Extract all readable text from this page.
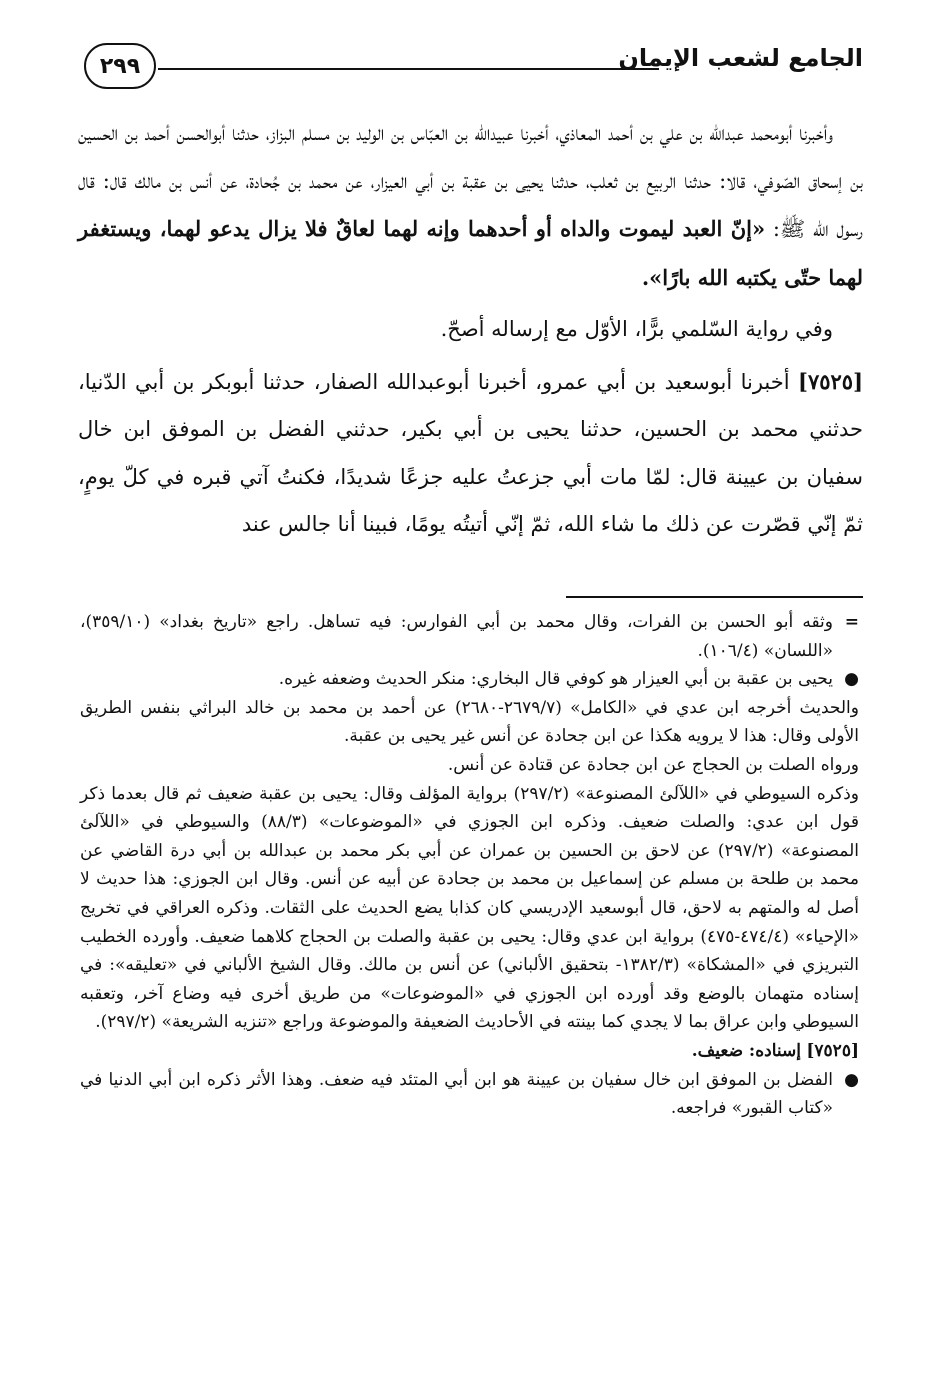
الجامع لشعب الإيمان
٢٩٩

وأخبرنا أبومحمد عبدالله بن علي بن أحمد المعاذي، أخبرنا عبيدالله بن العبّاس بن الوليد بن مسلم البزاز، حدثنا أبوالحسن أحمد بن الحسين بن إسحاق الصّوفي، قالا: حدثنا الربيع بن ثعلب، حدثنا يحيى بن عقبة بن أبي العيزار، عن محمد بن جُحادة، عن أنس بن مالك قال: قال رسول الله ﷺ: «إنّ العبد ليموت والداه أو أحدهما وإنه لهما لعاقٌ فلا يزال يدعو لهما، ويستغفر لهما حتّى يكتبه الله بارًا».

وفي رواية السّلمي برًّا، الأوّل مع إرساله أصحّ.

[٧٥٢٥] أخبرنا أبوسعيد بن أبي عمرو، أخبرنا أبوعبدالله الصفار، حدثنا أبوبكر بن أبي الدّنيا، حدثني محمد بن الحسين، حدثنا يحيى بن أبي بكير، حدثني الفضل بن الموفق ابن خال سفيان بن عيينة قال: لمّا مات أبي جزعتُ عليه جزعًا شديدًا، فكنتُ آتي قبره في كلّ يومٍ، ثمّ إنّي قصّرت عن ذلك ما شاء الله، ثمّ إنّي أتيتُه يومًا، فبينا أنا جالس عند

=
وثقه أبو الحسن بن الفرات، وقال محمد بن أبي الفوارس: فيه تساهل. راجع «تاريخ بغداد» (٣٥٩/١٠)، «اللسان» (١٠٦/٤).

●
يحيى بن عقبة بن أبي العيزار هو كوفي قال البخاري: منكر الحديث وضعفه غيره.

والحديث أخرجه ابن عدي في «الكامل» (٢٦٧٩/٧-٢٦٨٠) عن أحمد بن محمد بن خالد البراثي بنفس الطريق الأولى وقال: هذا لا يرويه هكذا عن ابن جحادة عن أنس غير يحيى بن عقبة.

ورواه الصلت بن الحجاج عن ابن جحادة عن قتادة عن أنس.

وذكره السيوطي في «اللآلئ المصنوعة» (٢٩٧/٢) برواية المؤلف وقال: يحيى بن عقبة ضعيف ثم قال بعدما ذكر قول ابن عدي: والصلت ضعيف. وذكره ابن الجوزي في «الموضوعات» (٨٨/٣) والسيوطي في «اللآلئ المصنوعة» (٢٩٧/٢) عن لاحق بن الحسين بن عمران عن أبي بكر محمد بن عبدالله بن أبي درة القاضي عن محمد بن طلحة بن مسلم عن إسماعيل بن محمد بن جحادة عن أبيه عن أنس. وقال ابن الجوزي: هذا حديث لا أصل له والمتهم به لاحق، قال أبوسعيد الإدريسي كان كذابا يضع الحديث على الثقات. وذكره العراقي في تخريج «الإحياء» (٤٧٤/٤-٤٧٥) برواية ابن عدي وقال: يحيى بن عقبة والصلت بن الحجاج كلاهما ضعيف. وأورده الخطيب التبريزي في «المشكاة» (١٣٨٢/٣- بتحقيق الألباني) عن أنس بن مالك. وقال الشيخ الألباني في «تعليقه»: في إسناده متهمان بالوضع وقد أورده ابن الجوزي في «الموضوعات» من طريق أخرى فيه وضاع آخر، وتعقبه السيوطي وابن عراق بما لا يجدي كما بينته في الأحاديث الضعيفة والموضوعة وراجع «تنزيه الشريعة» (٢٩٧/٢).

[٧٥٢٥] إسناده: ضعيف.

●
الفضل بن الموفق ابن خال سفيان بن عيينة هو ابن أبي المتئد فيه ضعف. وهذا الأثر ذكره ابن أبي الدنيا في «كتاب القبور» فراجعه.
